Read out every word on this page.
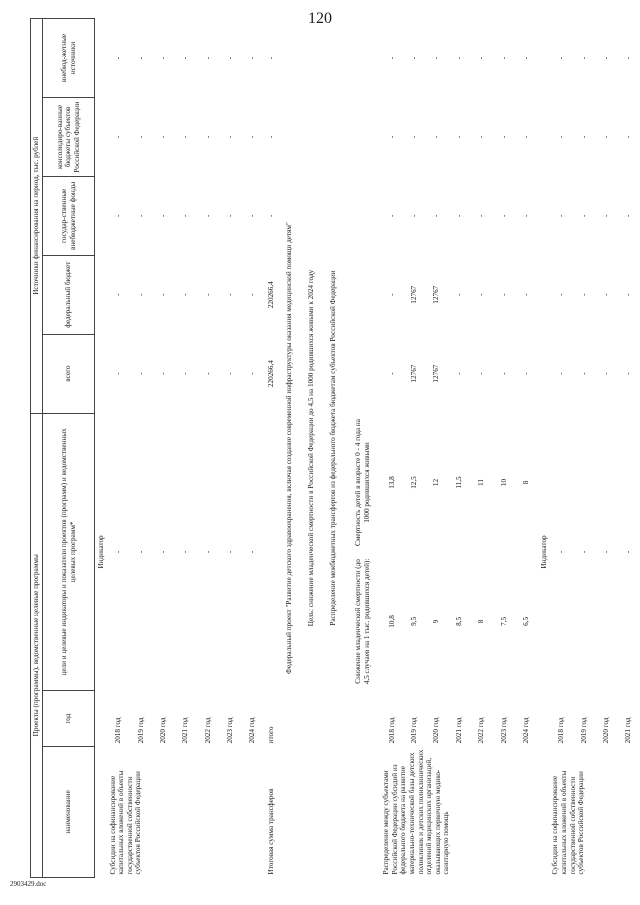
120
2903429.doc
Проекты (программы), ведомственные целевые программы				Источники финансирования на период, тыс. рублей				
наименование	год	цели и целевые индикаторы и показатели проектов (программ) и ведомственных целевых программ*		всего	федеральный бюджет	государ-ственные внебюджетные фонды	консолидиро-ванные бюджеты субъектов Российской Федерации	внебюд-жетные источники
		Индикатор						
Субсидии на софинансирование капитальных вложений в объекты государственной собственности субъектов Российской Федерации	2018 год	-		-	-	-	-	-
	2019 год	-		-	-	-	-	-
	2020 год	-		-	-	-	-	-
	2021 год	-		-	-	-	-	-
	2022 год	-		-	-	-	-	-
	2023 год	-		-	-	-	-	-
	2024 год	-		-	-	-	-	-
Итоговая сумма трансферов	итого			220266,4	220266,4	-	-	-
Федеральный проект "Развитие детского здравоохранения, включая создание современной инфраструктуры оказания медицинской помощи детям"								
Цель: снижение младенческой смертности в Российской Федерации до 4,5 на 1000 родившихся живыми к 2024 году								
Распределение межбюджетных трансфертов из федерального бюджета бюджетам субъектов Российской Федерации								
		Снижение младенческой смертности (до 4,5 случаев на 1 тыс. родившихся детей):	Смертность детей в возрасте 0 - 4 года на 1000 родившихся живыми					
Распределение между субъектами Российской Федерации субсидий из федерального бюджета на развитие материально-технической базы детских поликлиник и детских поликлинических отделений медицинских организаций, оказывающих первичную медико-санитарную помощь	2018 год	10,8	13,8	-	-	-	-	-
	2019 год	9,5	12,5	12767	12767	-	-	-
	2020 год	9	12	12767	12767	-	-	-
	2021 год	8,5	11,5	-	-	-	-	-
	2022 год	8	11	-	-	-	-	-
	2023 год	7,5	10	-	-	-	-	-
	2024 год	6,5	8	-	-	-	-	-
		Индикатор						
Субсидии на софинансирование капитальных вложений в объекты государственной собственности субъектов Российской Федерации	2018 год	-		-	-	-	-	-
	2019 год	-		-	-	-	-	-
	2020 год	-		-	-	-	-	-
	2021 год	-		-	-	-	-	-
